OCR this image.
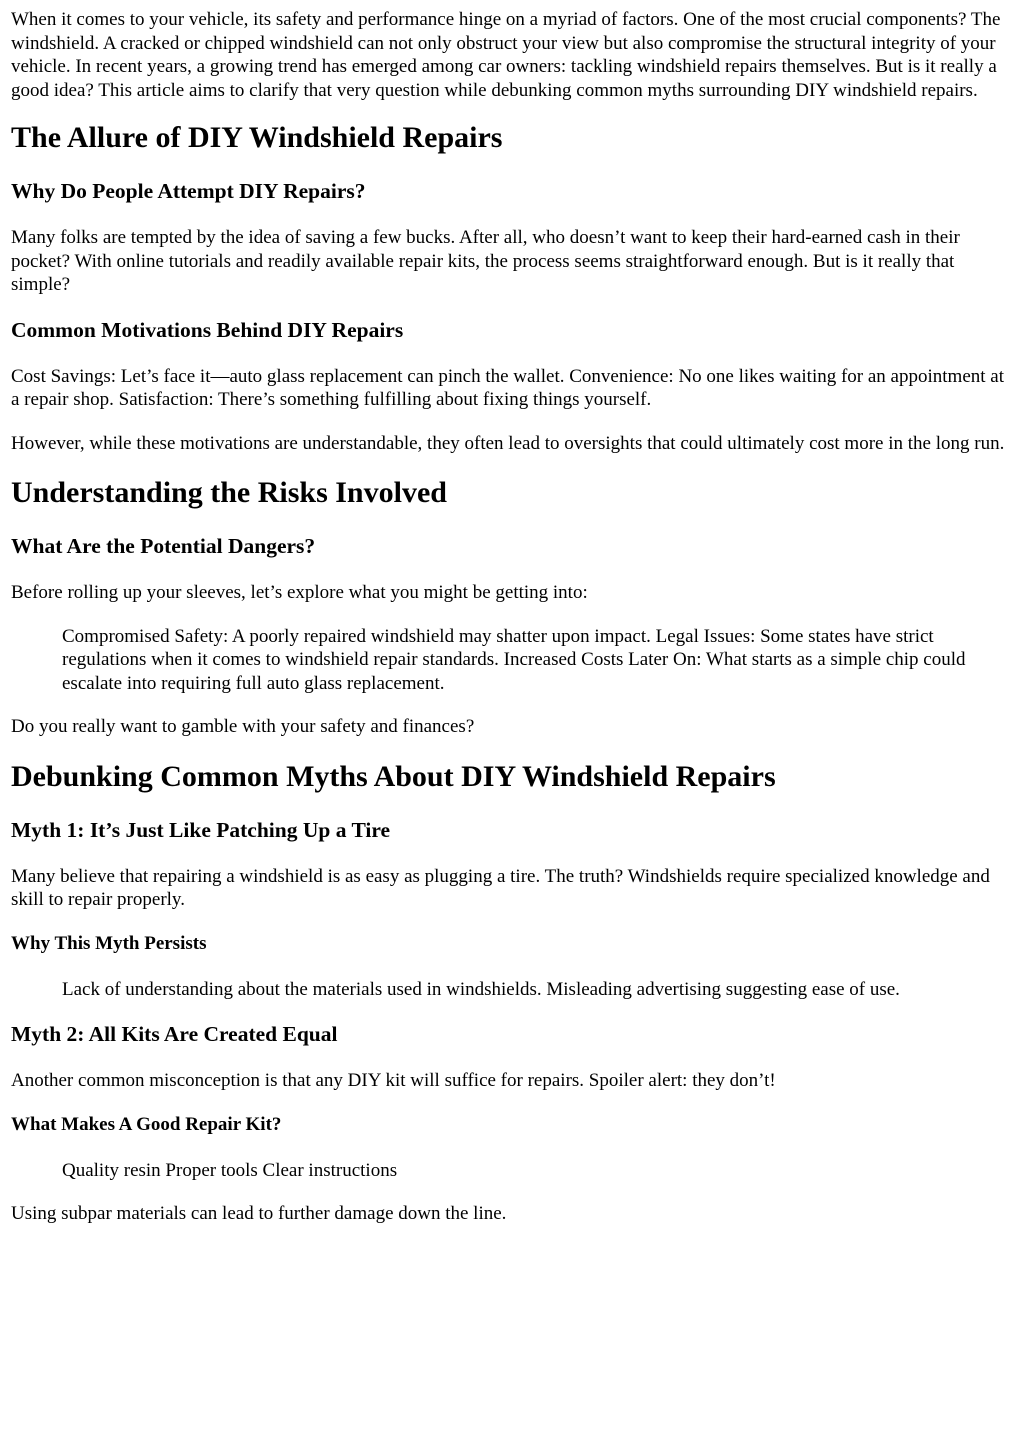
When it comes to your vehicle, its safety and performance hinge on a myriad of factors. One of the most crucial components? The windshield. A cracked or chipped windshield can not only obstruct your view but also compromise the structural integrity of your vehicle. In recent years, a growing trend has emerged among car owners: tackling windshield repairs themselves. But is it really a good idea? This article aims to clarify that very question while debunking common myths surrounding DIY windshield repairs.

The Allure of DIY Windshield Repairs
Why Do People Attempt DIY Repairs?

Many folks are tempted by the idea of saving a few bucks. After all, who doesn’t want to keep their hard-earned cash in their pocket? With online tutorials and readily available repair kits, the process seems straightforward enough. But is it really that simple?

Common Motivations Behind DIY Repairs

Cost Savings: Let’s face it—auto glass replacement can pinch the wallet. Convenience: No one likes waiting for an appointment at a repair shop. Satisfaction: There’s something fulfilling about fixing things yourself.

However, while these motivations are understandable, they often lead to oversights that could ultimately cost more in the long run.

Understanding the Risks Involved
What Are the Potential Dangers?

Before rolling up your sleeves, let’s explore what you might be getting into:

Compromised Safety: A poorly repaired windshield may shatter upon impact. Legal Issues: Some states have strict regulations when it comes to windshield repair standards. Increased Costs Later On: What starts as a simple chip could escalate into requiring full auto glass replacement.

Do you really want to gamble with your safety and finances?

Debunking Common Myths About DIY Windshield Repairs
Myth 1: It’s Just Like Patching Up a Tire

Many believe that repairing a windshield is as easy as plugging a tire. The truth? Windshields require specialized knowledge and skill to repair properly.

Why This Myth Persists
Lack of understanding about the materials used in windshields. Misleading advertising suggesting ease of use.
Myth 2: All Kits Are Created Equal

Another common misconception is that any DIY kit will suffice for repairs. Spoiler alert: they don’t!

What Makes A Good Repair Kit?
Quality resin Proper tools Clear instructions

Using subpar materials can lead to further damage down the line.
